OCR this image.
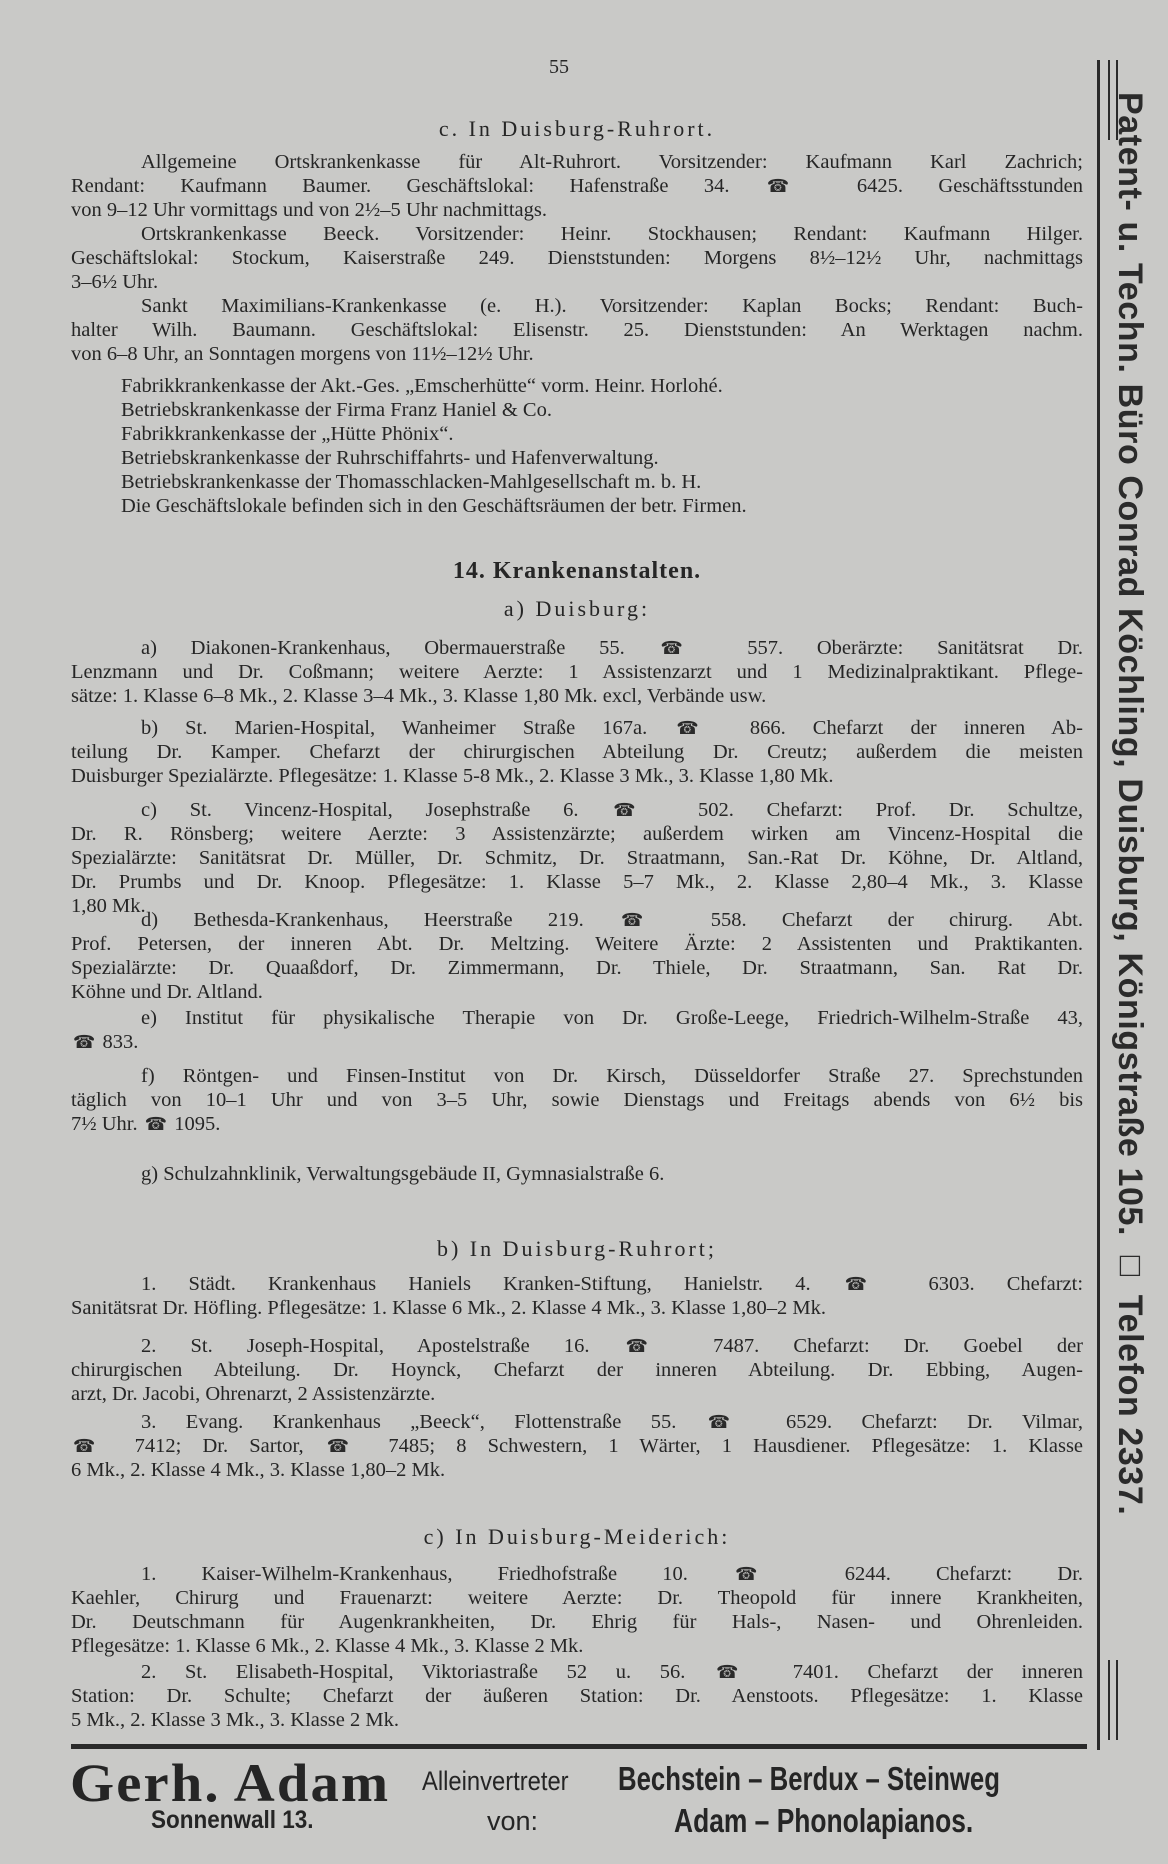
55
c. In Duisburg-Ruhrort.
Allgemeine Ortskrankenkasse für Alt-Ruhrort. Vorsitzender: Kaufmann Karl Zachrich;
Rendant: Kaufmann Baumer. Geschäftslokal: Hafenstraße 34. ☎ 6425. Geschäftsstunden
von 9–12 Uhr vormittags und von 2½–5 Uhr nachmittags.
Ortskrankenkasse Beeck. Vorsitzender: Heinr. Stockhausen; Rendant: Kaufmann Hilger.
Geschäftslokal: Stockum, Kaiserstraße 249. Dienststunden: Morgens 8½–12½ Uhr, nachmittags
3–6½ Uhr.
Sankt Maximilians-Krankenkasse (e. H.). Vorsitzender: Kaplan Bocks; Rendant: Buch-
halter Wilh. Baumann. Geschäftslokal: Elisenstr. 25. Dienststunden: An Werktagen nachm.
von 6–8 Uhr, an Sonntagen morgens von 11½–12½ Uhr.
Fabrikkrankenkasse der Akt.-Ges. „Emscherhütte“ vorm. Heinr. Horlohé.
Betriebskrankenkasse der Firma Franz Haniel & Co.
Fabrikkrankenkasse der „Hütte Phönix“.
Betriebskrankenkasse der Ruhrschiffahrts- und Hafenverwaltung.
Betriebskrankenkasse der Thomasschlacken-Mahlgesellschaft m. b. H.
Die Geschäftslokale befinden sich in den Geschäftsräumen der betr. Firmen.
14. Krankenanstalten.
a) Duisburg:
a) Diakonen-Krankenhaus, Obermauerstraße 55. ☎ 557. Oberärzte: Sanitätsrat Dr.
Lenzmann und Dr. Coßmann; weitere Aerzte: 1 Assistenzarzt und 1 Medizinalpraktikant. Pflege-
sätze: 1. Klasse 6–8 Mk., 2. Klasse 3–4 Mk., 3. Klasse 1,80 Mk. excl, Verbände usw.
b) St. Marien-Hospital, Wanheimer Straße 167a. ☎ 866. Chefarzt der inneren Ab-
teilung Dr. Kamper. Chefarzt der chirurgischen Abteilung Dr. Creutz; außerdem die meisten
Duisburger Spezialärzte. Pflegesätze: 1. Klasse 5-8 Mk., 2. Klasse 3 Mk., 3. Klasse 1,80 Mk.
c) St. Vincenz-Hospital, Josephstraße 6. ☎ 502. Chefarzt: Prof. Dr. Schultze,
Dr. R. Rönsberg; weitere Aerzte: 3 Assistenzärzte; außerdem wirken am Vincenz-Hospital die
Spezialärzte: Sanitätsrat Dr. Müller, Dr. Schmitz, Dr. Straatmann, San.-Rat Dr. Köhne, Dr. Altland,
Dr. Prumbs und Dr. Knoop. Pflegesätze: 1. Klasse 5–7 Mk., 2. Klasse 2,80–4 Mk., 3. Klasse
1,80 Mk.
d) Bethesda-Krankenhaus, Heerstraße 219. ☎ 558. Chefarzt der chirurg. Abt.
Prof. Petersen, der inneren Abt. Dr. Meltzing. Weitere Ärzte: 2 Assistenten und Praktikanten.
Spezialärzte: Dr. Quaaßdorf, Dr. Zimmermann, Dr. Thiele, Dr. Straatmann, San. Rat Dr.
Köhne und Dr. Altland.
e) Institut für physikalische Therapie von Dr. Große-Leege, Friedrich-Wilhelm-Straße 43,
☎ 833.
f) Röntgen- und Finsen-Institut von Dr. Kirsch, Düsseldorfer Straße 27. Sprechstunden
täglich von 10–1 Uhr und von 3–5 Uhr, sowie Dienstags und Freitags abends von 6½ bis
7½ Uhr. ☎ 1095.
g) Schulzahnklinik, Verwaltungsgebäude II, Gymnasialstraße 6.
b) In Duisburg-Ruhrort;
1. Städt. Krankenhaus Haniels Kranken-Stiftung, Hanielstr. 4. ☎ 6303. Chefarzt:
Sanitätsrat Dr. Höfling. Pflegesätze: 1. Klasse 6 Mk., 2. Klasse 4 Mk., 3. Klasse 1,80–2 Mk.
2. St. Joseph-Hospital, Apostelstraße 16. ☎ 7487. Chefarzt: Dr. Goebel der
chirurgischen Abteilung. Dr. Hoynck, Chefarzt der inneren Abteilung. Dr. Ebbing, Augen-
arzt, Dr. Jacobi, Ohrenarzt, 2 Assistenzärzte.
3. Evang. Krankenhaus „Beeck“, Flottenstraße 55. ☎ 6529. Chefarzt: Dr. Vilmar,
☎ 7412; Dr. Sartor, ☎ 7485; 8 Schwestern, 1 Wärter, 1 Hausdiener. Pflegesätze: 1. Klasse
6 Mk., 2. Klasse 4 Mk., 3. Klasse 1,80–2 Mk.
c) In Duisburg-Meiderich:
1. Kaiser-Wilhelm-Krankenhaus, Friedhofstraße 10. ☎ 6244. Chefarzt: Dr.
Kaehler, Chirurg und Frauenarzt: weitere Aerzte: Dr. Theopold für innere Krankheiten,
Dr. Deutschmann für Augenkrankheiten, Dr. Ehrig für Hals-, Nasen- und Ohrenleiden.
Pflegesätze: 1. Klasse 6 Mk., 2. Klasse 4 Mk., 3. Klasse 2 Mk.
2. St. Elisabeth-Hospital, Viktoriastraße 52 u. 56. ☎ 7401. Chefarzt der inneren
Station: Dr. Schulte; Chefarzt der äußeren Station: Dr. Aenstoots. Pflegesätze: 1. Klasse
5 Mk., 2. Klasse 3 Mk., 3. Klasse 2 Mk.
Patent- u. Techn. Büro Conrad Köchling, Duisburg, Königstraße 105. □ Telefon 2337.
Gerh. Adam
Sonnenwall 13.
Alleinvertreter
von:
Bechstein – Berdux – Steinweg
Adam – Phonolapianos.
